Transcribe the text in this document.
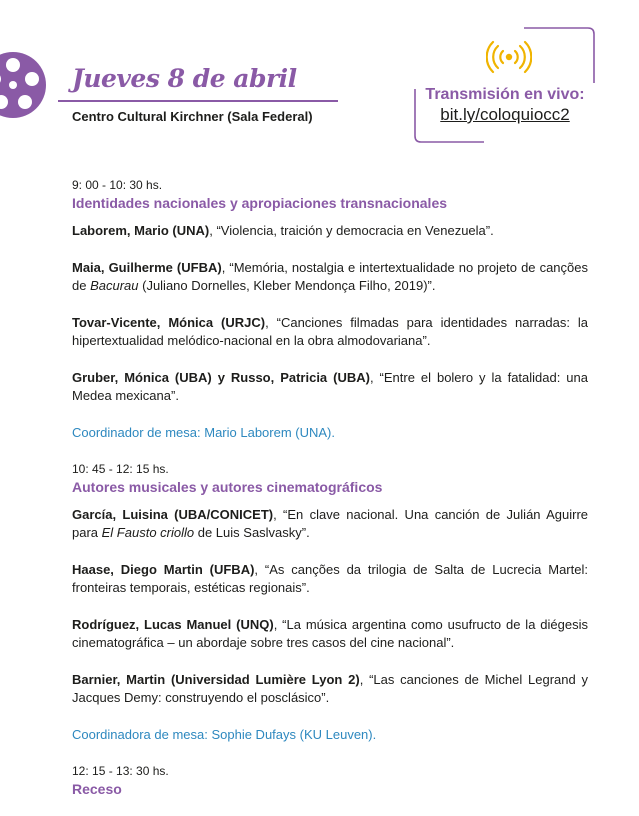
Jueves 8 de abril
Centro Cultural Kirchner (Sala Federal)
Transmisión en vivo:
bit.ly/coloquiocc2
9: 00 - 10: 30 hs.
Identidades nacionales y apropiaciones transnacionales

Laborem, Mario (UNA), “Violencia, traición y democracia en Venezuela”.

Maia, Guilherme (UFBA), “Memória, nostalgia e intertextualidade no projeto de canções de Bacurau (Juliano Dornelles, Kleber Mendonça Filho, 2019)”.

Tovar-Vicente, Mónica (URJC), “Canciones filmadas para identidades narradas: la hipertextualidad melódico-nacional en la obra almodovariana”.

Gruber, Mónica (UBA) y Russo, Patricia (UBA), “Entre el bolero y la fatalidad: una Medea mexicana”.

Coordinador de mesa: Mario Laborem (UNA).
10: 45 - 12: 15 hs.
Autores musicales y autores cinematográficos

García, Luisina (UBA/CONICET), “En clave nacional. Una canción de Julián Aguirre para El Fausto criollo de Luis Saslvasky”.

Haase, Diego Martin (UFBA), “As canções da trilogia de Salta de Lucrecia Martel: fronteiras temporais, estéticas regionais”.

Rodríguez, Lucas Manuel (UNQ), “La música argentina como usufructo de la diégesis cinematográfica – un abordaje sobre tres casos del cine nacional”.

Barnier, Martin (Universidad Lumière Lyon 2), “Las canciones de Michel Legrand y Jacques Demy: construyendo el posclásico”.

Coordinadora de mesa: Sophie Dufays (KU Leuven).
12: 15 - 13: 30 hs.
Receso
